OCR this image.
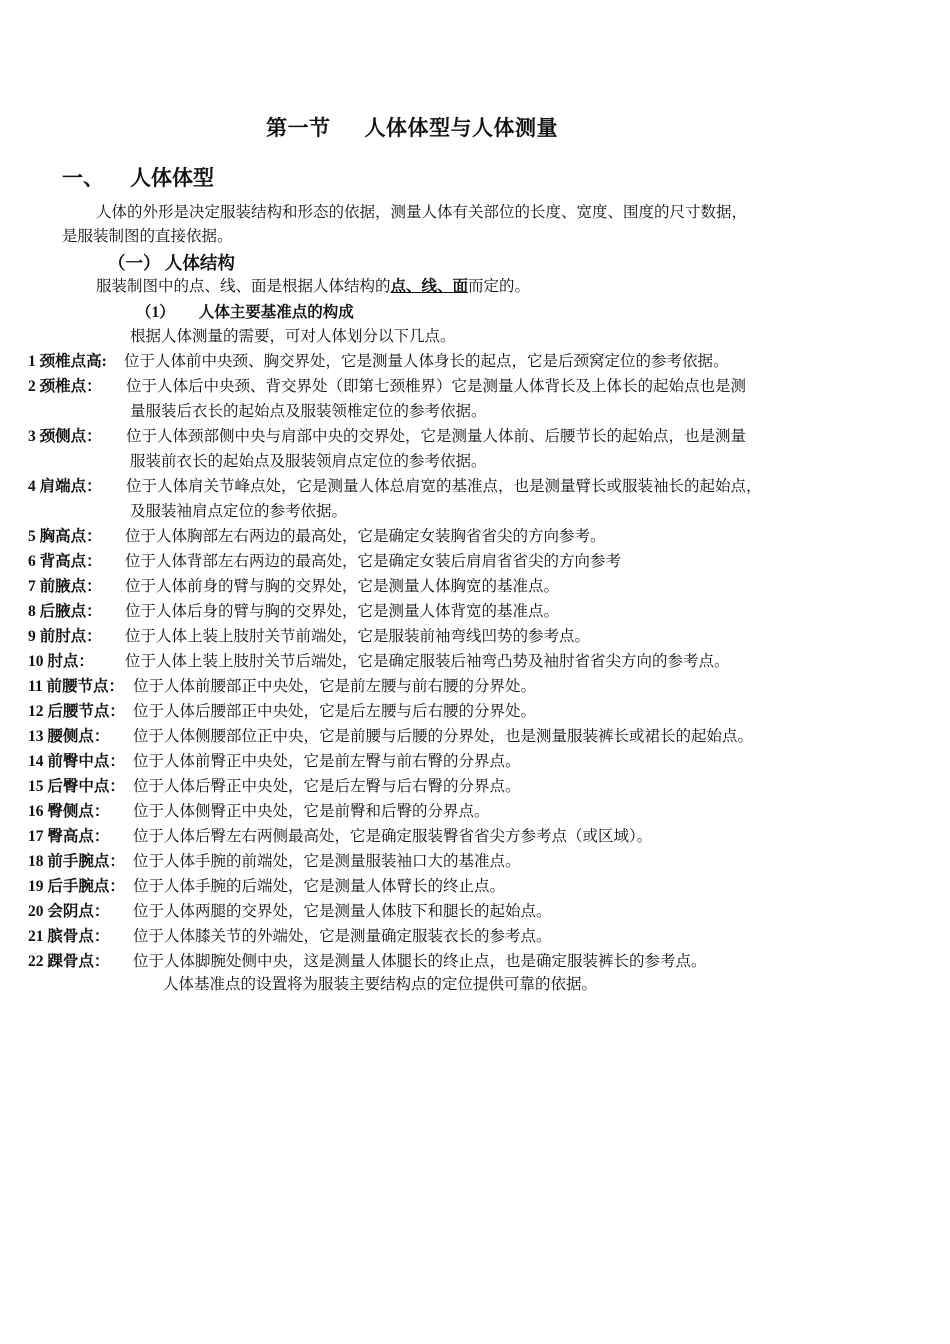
第一节 人体体型与人体测量
一、 人体体型
人体的外形是决定服装结构和形态的依据，测量人体有关部位的长度、宽度、围度的尺寸数据，
是服装制图的直接依据。
（一） 人体结构
服装制图中的点、线、面是根据人体结构的点、线、面而定的。
（1） 人体主要基准点的构成
根据人体测量的需要，可对人体划分以下几点。
1 颈椎点高: 位于人体前中央颈、胸交界处，它是测量人体身长的起点，它是后颈窝定位的参考依据。
2 颈椎点： 位于人体后中央颈、背交界处（即第七颈椎界）它是测量人体背长及上体长的起始点也是测
量服装后衣长的起始点及服装领椎定位的参考依据。
3 颈侧点： 位于人体颈部侧中央与肩部中央的交界处，它是测量人体前、后腰节长的起始点，也是测量
服装前衣长的起始点及服装领肩点定位的参考依据。
4 肩端点： 位于人体肩关节峰点处，它是测量人体总肩宽的基准点，也是测量臂长或服装袖长的起始点，
及服装袖肩点定位的参考依据。
5 胸高点： 位于人体胸部左右两边的最高处，它是确定女装胸省省尖的方向参考。
6 背高点： 位于人体背部左右两边的最高处，它是确定女装后肩肩省省尖的方向参考
7 前腋点： 位于人体前身的臂与胸的交界处，它是测量人体胸宽的基准点。
8 后腋点： 位于人体后身的臂与胸的交界处，它是测量人体背宽的基准点。
9 前肘点： 位于人体上装上肢肘关节前端处，它是服装前袖弯线凹势的参考点。
10 肘点： 位于人体上装上肢肘关节后端处，它是确定服装后袖弯凸势及袖肘省省尖方向的参考点。
11 前腰节点： 位于人体前腰部正中央处，它是前左腰与前右腰的分界处。
12 后腰节点： 位于人体后腰部正中央处，它是后左腰与后右腰的分界处。
13 腰侧点： 位于人体侧腰部位正中央，它是前腰与后腰的分界处，也是测量服装裤长或裙长的起始点。
14 前臀中点： 位于人体前臀正中央处，它是前左臀与前右臀的分界点。
15 后臀中点： 位于人体后臀正中央处，它是后左臀与后右臀的分界点。
16 臀侧点： 位于人体侧臀正中央处，它是前臀和后臀的分界点。
17 臀高点： 位于人体后臀左右两侧最高处，它是确定服装臀省省尖方参考点（或区域）。
18 前手腕点： 位于人体手腕的前端处，它是测量服装袖口大的基准点。
19 后手腕点： 位于人体手腕的后端处，它是测量人体臂长的终止点。
20 会阴点： 位于人体两腿的交界处，它是测量人体肢下和腿长的起始点。
21 膑骨点： 位于人体膝关节的外端处，它是测量确定服装衣长的参考点。
22 踝骨点： 位于人体脚腕处侧中央，这是测量人体腿长的终止点，也是确定服装裤长的参考点。
人体基准点的设置将为服装主要结构点的定位提供可靠的依据。
